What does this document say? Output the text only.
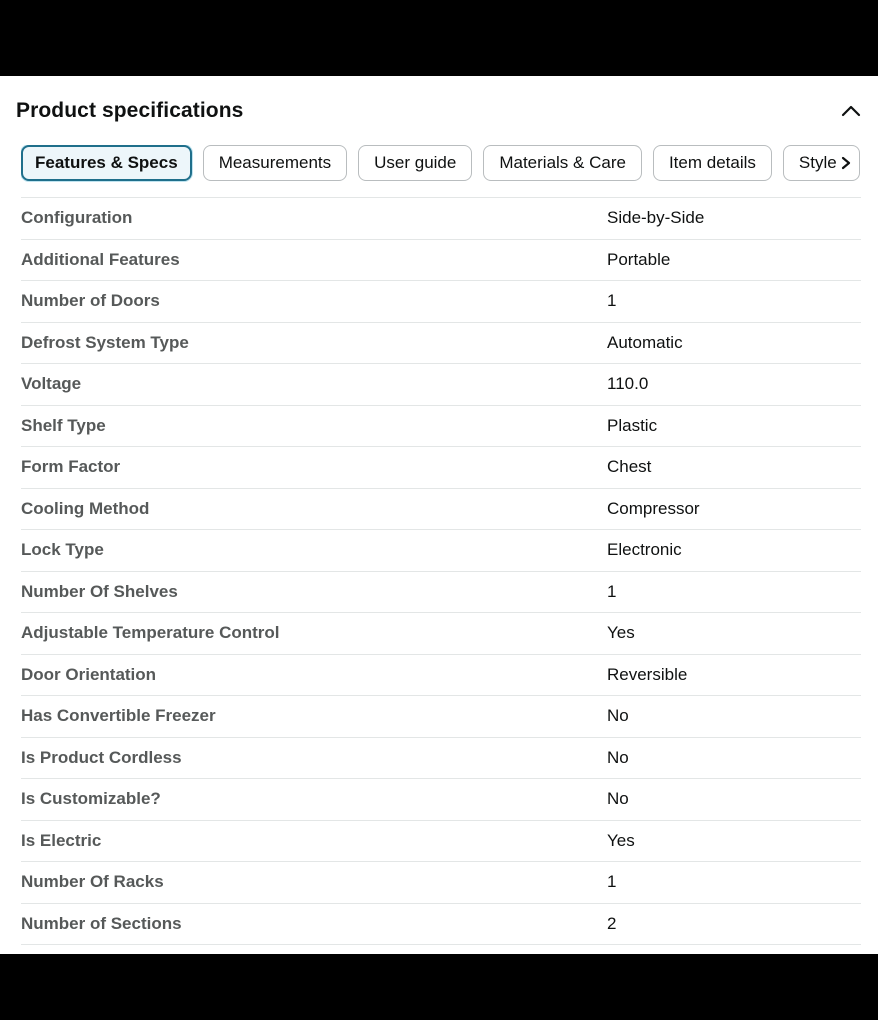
Product specifications
Features & Specs Measurements	User guide	Materials & Care	Item details	Style
Configuration	Side-by-Side
Additional Features	Portable
Number of Doors	1
Defrost System Type	Automatic
Voltage	110.0
Shelf Type	Plastic
Form Factor	Chest
Cooling Method	Compressor
Lock Type	Electronic
Number Of Shelves	1
Adjustable Temperature Control	Yes
Door Orientation	Reversible
Has Convertible Freezer	No
Is Product Cordless	No
Is Customizable?	No
Is Electric	Yes
Number Of Racks	1
Number of Sections	2
